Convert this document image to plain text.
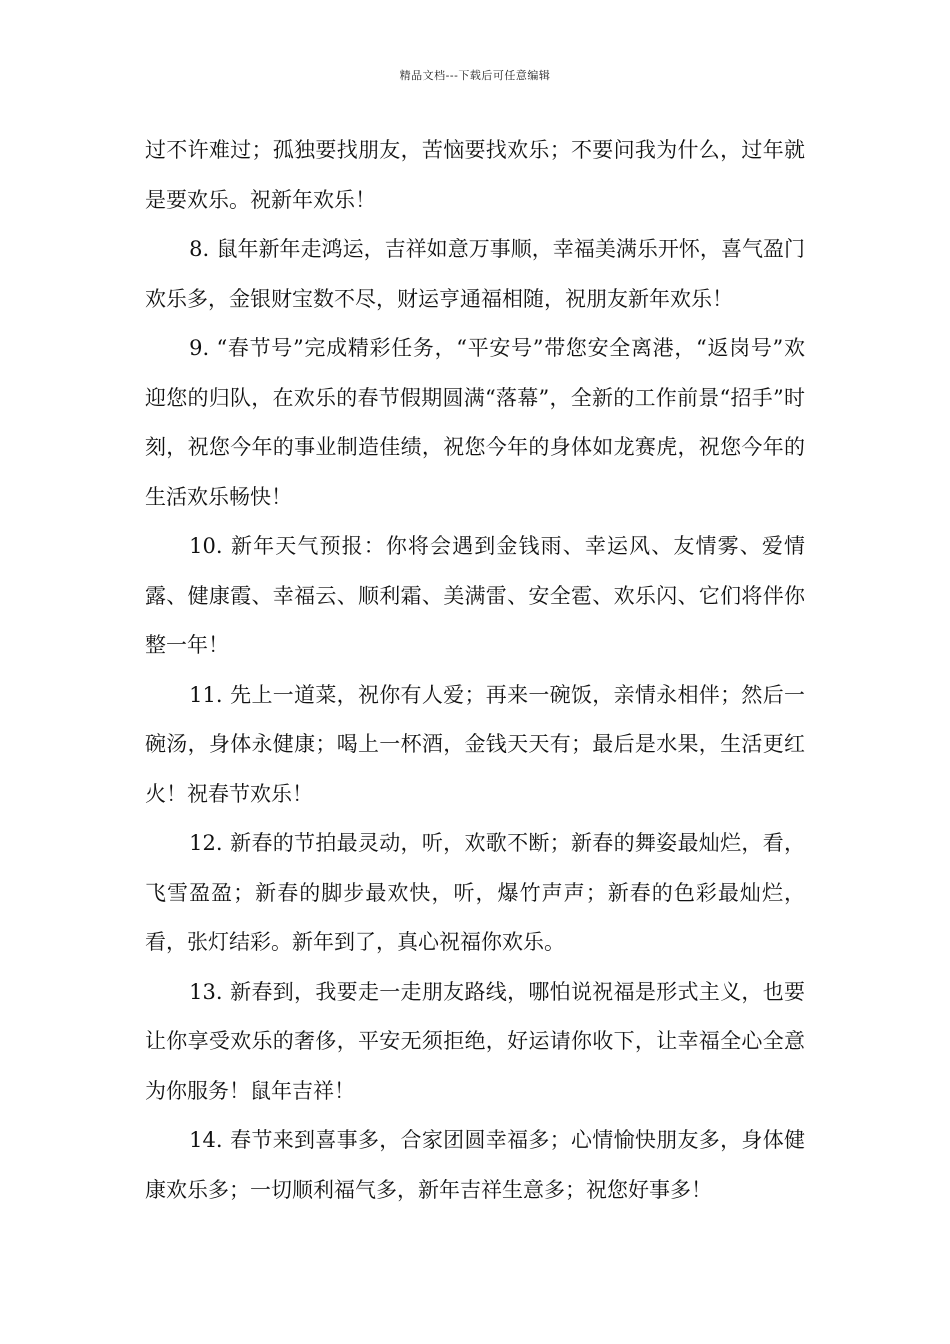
精品文档---下载后可任意编辑

过不许难过；孤独要找朋友，苦恼要找欢乐；不要问我为什么，过年就是要欢乐。祝新年欢乐！

8. 鼠年新年走鸿运，吉祥如意万事顺，幸福美满乐开怀，喜气盈门欢乐多，金银财宝数不尽，财运亨通福相随，祝朋友新年欢乐！

9. “春节号”完成精彩任务，“平安号”带您安全离港，“返岗号”欢迎您的归队，在欢乐的春节假期圆满“落幕”，全新的工作前景“招手”时刻，祝您今年的事业制造佳绩，祝您今年的身体如龙赛虎，祝您今年的生活欢乐畅快！

10. 新年天气预报：你将会遇到金钱雨、幸运风、友情雾、爱情露、健康霞、幸福云、顺利霜、美满雷、安全雹、欢乐闪、它们将伴你整一年！

11. 先上一道菜，祝你有人爱；再来一碗饭，亲情永相伴；然后一碗汤，身体永健康；喝上一杯酒，金钱天天有；最后是水果，生活更红火！祝春节欢乐！

12. 新春的节拍最灵动，听，欢歌不断；新春的舞姿最灿烂，看，飞雪盈盈；新春的脚步最欢快，听，爆竹声声；新春的色彩最灿烂，看，张灯结彩。新年到了，真心祝福你欢乐。

13. 新春到，我要走一走朋友路线，哪怕说祝福是形式主义，也要让你享受欢乐的奢侈，平安无须拒绝，好运请你收下，让幸福全心全意为你服务！鼠年吉祥！

14. 春节来到喜事多，合家团圆幸福多；心情愉快朋友多，身体健康欢乐多；一切顺利福气多，新年吉祥生意多；祝您好事多！
